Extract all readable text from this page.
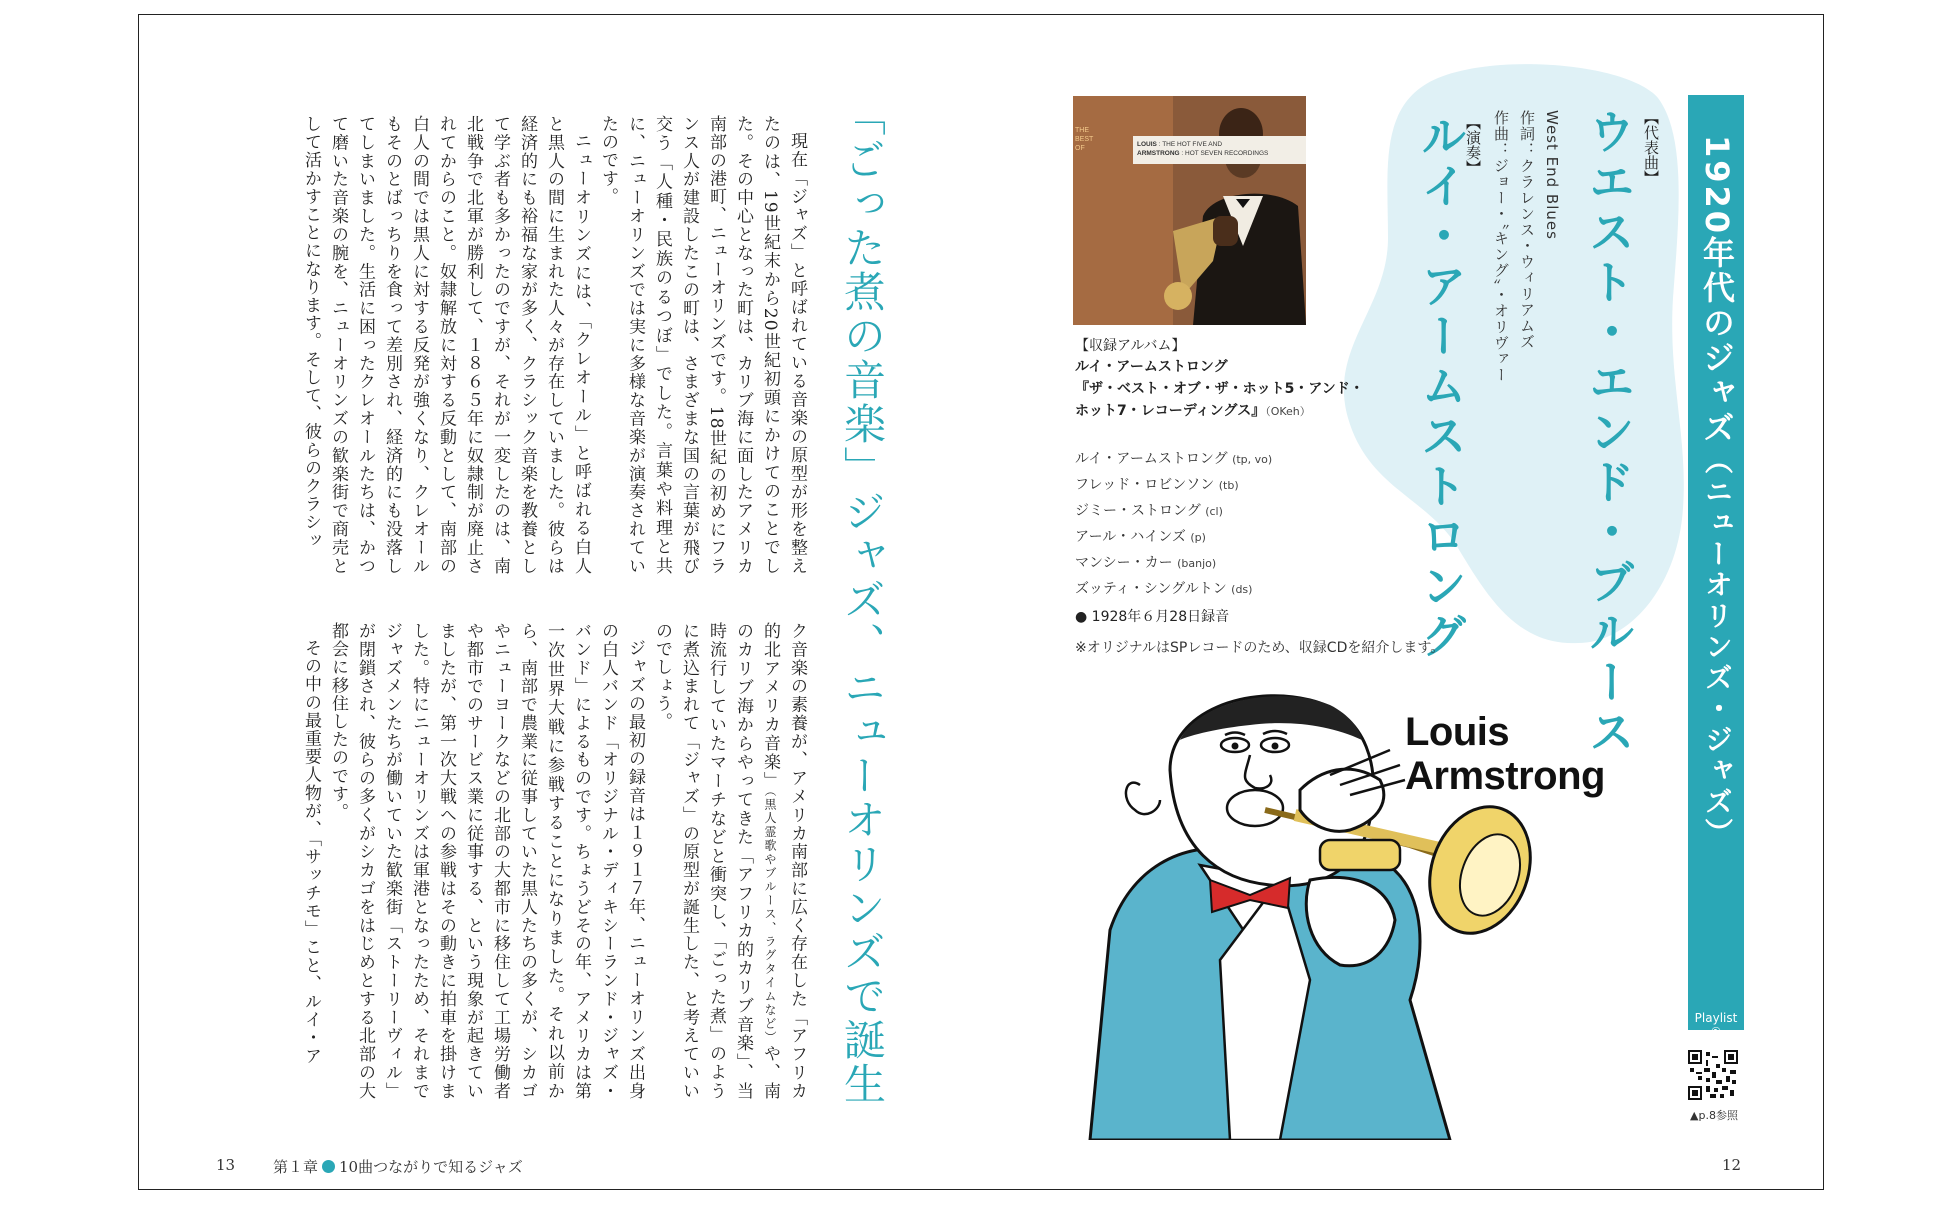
1920年代のジャズ（ニューオリンズ・ジャズ）
Playlist
①
▲p.8参照
【代表曲】
ウエスト・エンド・ブルース
West End Blues
作詞：クラレンス・ウィリアムズ
作曲：ジョー・〝キング〟・オリヴァー
【演奏】
ルイ・アームストロング
THE
BEST
OF
LOUIS : THE HOT FIVE AND
ARMSTRONG : HOT SEVEN RECORDINGS
【収録アルバム】
ルイ・アームストロング
『ザ・ベスト・オブ・ザ・ホット5・アンド・
ホット7・レコーディングス』（OKeh）
ルイ・アームストロング (tp, vo)
フレッド・ロビンソン (tb)
ジミー・ストロング (cl)
アール・ハインズ (p)
マンシー・カー (banjo)
ズッティ・シングルトン (ds)
● 1928年６月28日録音
※オリジナルはSPレコードのため、収録CDを紹介します。
Louis
Armstrong
12
「ごった煮の音楽」ジャズ、ニューオリンズで誕生

現在「ジャズ」と呼ばれている音楽の原型が形を整えたのは、19世紀末から20世紀初頭にかけてのことでした。その中心となった町は、カリブ海に面したアメリカ南部の港町、ニューオリンズです。18世紀の初めにフランス人が建設したこの町は、さまざまな国の言葉が飛び交う「人種・民族のるつぼ」でした。言葉や料理と共に、ニューオリンズでは実に多様な音楽が演奏されていたのです。

ニューオリンズには、「クレオール」と呼ばれる白人と黒人の間に生まれた人々が存在していました。彼らは経済的にも裕福な家が多く、クラシック音楽を教養として学ぶ者も多かったのですが、それが一変したのは、南北戦争で北軍が勝利して、１８６５年に奴隷制が廃止されてからのこと。奴隷解放に対する反動として、南部の白人の間では黒人に対する反発が強くなり、クレオールもそのとばっちりを食って差別され、経済的にも没落してしまいました。生活に困ったクレオールたちは、かつて磨いた音楽の腕を、ニューオリンズの歓楽街で商売として活かすことになります。そして、彼らのクラシッ

ク音楽の素養が、アメリカ南部に広く存在した「アフリカ的北アメリカ音楽」（黒人霊歌やブルース、ラグタイムなど）や、南のカリブ海からやってきた「アフリカ的カリブ音楽」、当時流行していたマーチなどと衝突し、「ごった煮」のように煮込まれて「ジャズ」の原型が誕生した、と考えていいのでしょう。

ジャズの最初の録音は１９１７年、ニューオリンズ出身の白人バンド「オリジナル・ディキシーランド・ジャズ・バンド」によるものです。ちょうどその年、アメリカは第一次世界大戦に参戦することになりました。それ以前から、南部で農業に従事していた黒人たちの多くが、シカゴやニューヨークなどの北部の大都市に移住して工場労働者や都市でのサービス業に従事する、という現象が起きていましたが、第一次大戦への参戦はその動きに拍車を掛けました。特にニューオリンズは軍港となったため、それまでジャズメンたちが働いていた歓楽街「ストーリーヴィル」が閉鎖され、彼らの多くがシカゴをはじめとする北部の大都会に移住したのです。

その中の最重要人物が、「サッチモ」こと、ルイ・ア

13	第１章 10曲つながりで知るジャズ
